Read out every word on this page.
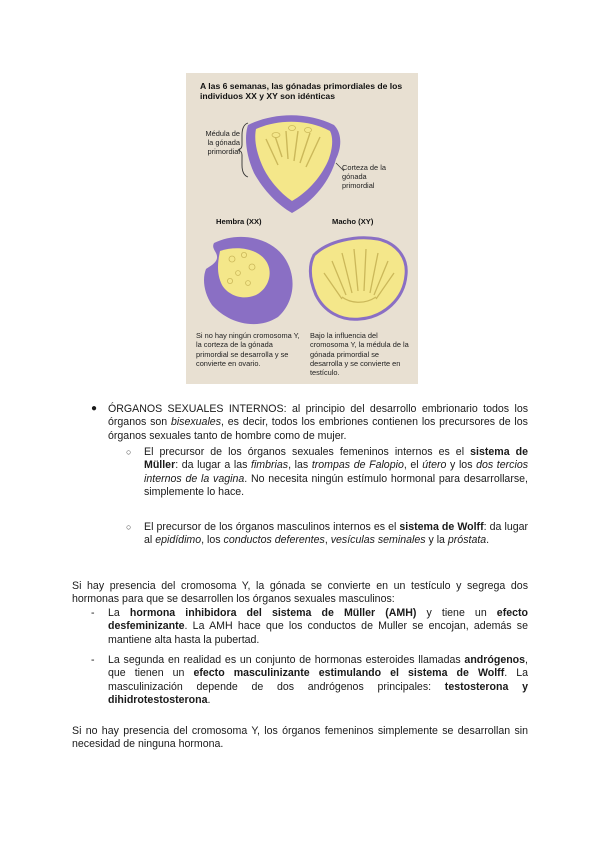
A las 6 semanas, las gónadas primordiales de los individuos XX y XY son idénticas
Médula de la gónada primordial
Corteza de la gónada primordial
Hembra (XX)	Macho (XY)
Si no hay ningún cromosoma Y, la corteza de la gónada primordial se desarrolla y se convierte en ovario.
Bajo la influencia del cromosoma Y, la médula de la gónada primordial se desarrolla y se convierte en testículo.
● ÓRGANOS SEXUALES INTERNOS: al principio del desarrollo embrionario todos los órganos son bisexuales, es decir, todos los embriones contienen los precursores de los órganos sexuales tanto de hombre como de mujer.

○ El precursor de los órganos sexuales femeninos internos es el sistema de Müller: da lugar a las fimbrias, las trompas de Falopio, el útero y los dos tercios internos de la vagina. No necesita ningún estímulo hormonal para desarrollarse, simplemente lo hace.

○ El precursor de los órganos masculinos internos es el sistema de Wolff: da lugar al epidídimo, los conductos deferentes, vesículas seminales y la próstata.

Si hay presencia del cromosoma Y, la gónada se convierte en un testículo y segrega dos hormonas para que se desarrollen los órganos sexuales masculinos:
- La hormona inhibidora del sistema de Müller (AMH) y tiene un efecto desfeminizante. La AMH hace que los conductos de Muller se encojan, además se mantiene alta hasta la pubertad.

- La segunda en realidad es un conjunto de hormonas esteroides llamadas andrógenos, que tienen un efecto masculinizante estimulando el sistema de Wolff. La masculinización depende de dos andrógenos principales: testosterona y dihidrotestosterona.

Si no hay presencia del cromosoma Y, los órganos femeninos simplemente se desarrollan sin necesidad de ninguna hormona.
